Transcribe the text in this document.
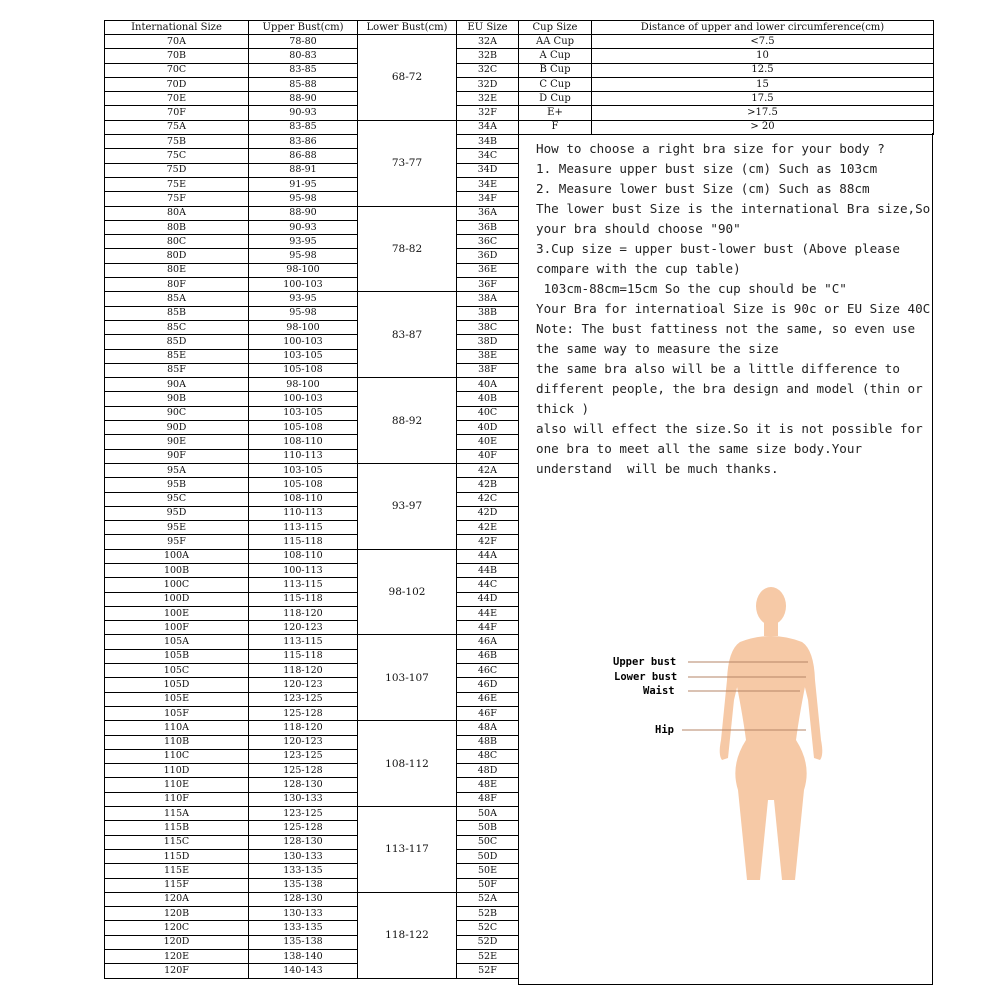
International Size	Upper Bust(cm)	Lower Bust(cm)	EU Size
70A	78-80	68-72	32A
70B	80-83		32B
70C	83-85		32C
70D	85-88		32D
70E	88-90		32E
70F	90-93		32F
75A	83-85	73-77	34A
75B	83-86		34B
75C	86-88		34C
75D	88-91		34D
75E	91-95		34E
75F	95-98		34F
80A	88-90	78-82	36A
80B	90-93		36B
80C	93-95		36C
80D	95-98		36D
80E	98-100		36E
80F	100-103		36F
85A	93-95	83-87	38A
85B	95-98		38B
85C	98-100		38C
85D	100-103		38D
85E	103-105		38E
85F	105-108		38F
90A	98-100	88-92	40A
90B	100-103		40B
90C	103-105		40C
90D	105-108		40D
90E	108-110		40E
90F	110-113		40F
95A	103-105	93-97	42A
95B	105-108		42B
95C	108-110		42C
95D	110-113		42D
95E	113-115		42E
95F	115-118		42F
100A	108-110	98-102	44A
100B	100-113		44B
100C	113-115		44C
100D	115-118		44D
100E	118-120		44E
100F	120-123		44F
105A	113-115	103-107	46A
105B	115-118		46B
105C	118-120		46C
105D	120-123		46D
105E	123-125		46E
105F	125-128		46F
110A	118-120	108-112	48A
110B	120-123		48B
110C	123-125		48C
110D	125-128		48D
110E	128-130		48E
110F	130-133		48F
115A	123-125	113-117	50A
115B	125-128		50B
115C	128-130		50C
115D	130-133		50D
115E	133-135		50E
115F	135-138		50F
120A	128-130	118-122	52A
120B	130-133		52B
120C	133-135		52C
120D	135-138		52D
120E	138-140		52E
120F	140-143		52F
Cup Size	Distance of upper and lower circumference(cm)
AA Cup	<7.5
A Cup	10
B Cup	12.5
C Cup	15
D Cup	17.5
E+	>17.5
F	> 20

How to choose a right bra size for your body ?

1. Measure upper bust size (cm) Such as 103cm

2. Measure lower bust Size (cm) Such as 88cm

The lower bust Size is the international Bra size,So your bra should choose "90"

3.Cup size = upper bust-lower bust (Above please compare with the cup table)

103cm-88cm=15cm So the cup should be "C"

Your Bra for internatioal Size is 90c or EU Size 40C

Note: The bust fattiness not the same, so even use the same way to measure the size

the same bra also will be a little difference to different people, the bra design and model (thin or thick )

also will effect the size.So it is not possible for one bra to meet all the same size body.Your understand  will be much thanks.

Upper bust
Lower bust
Waist
Hip
